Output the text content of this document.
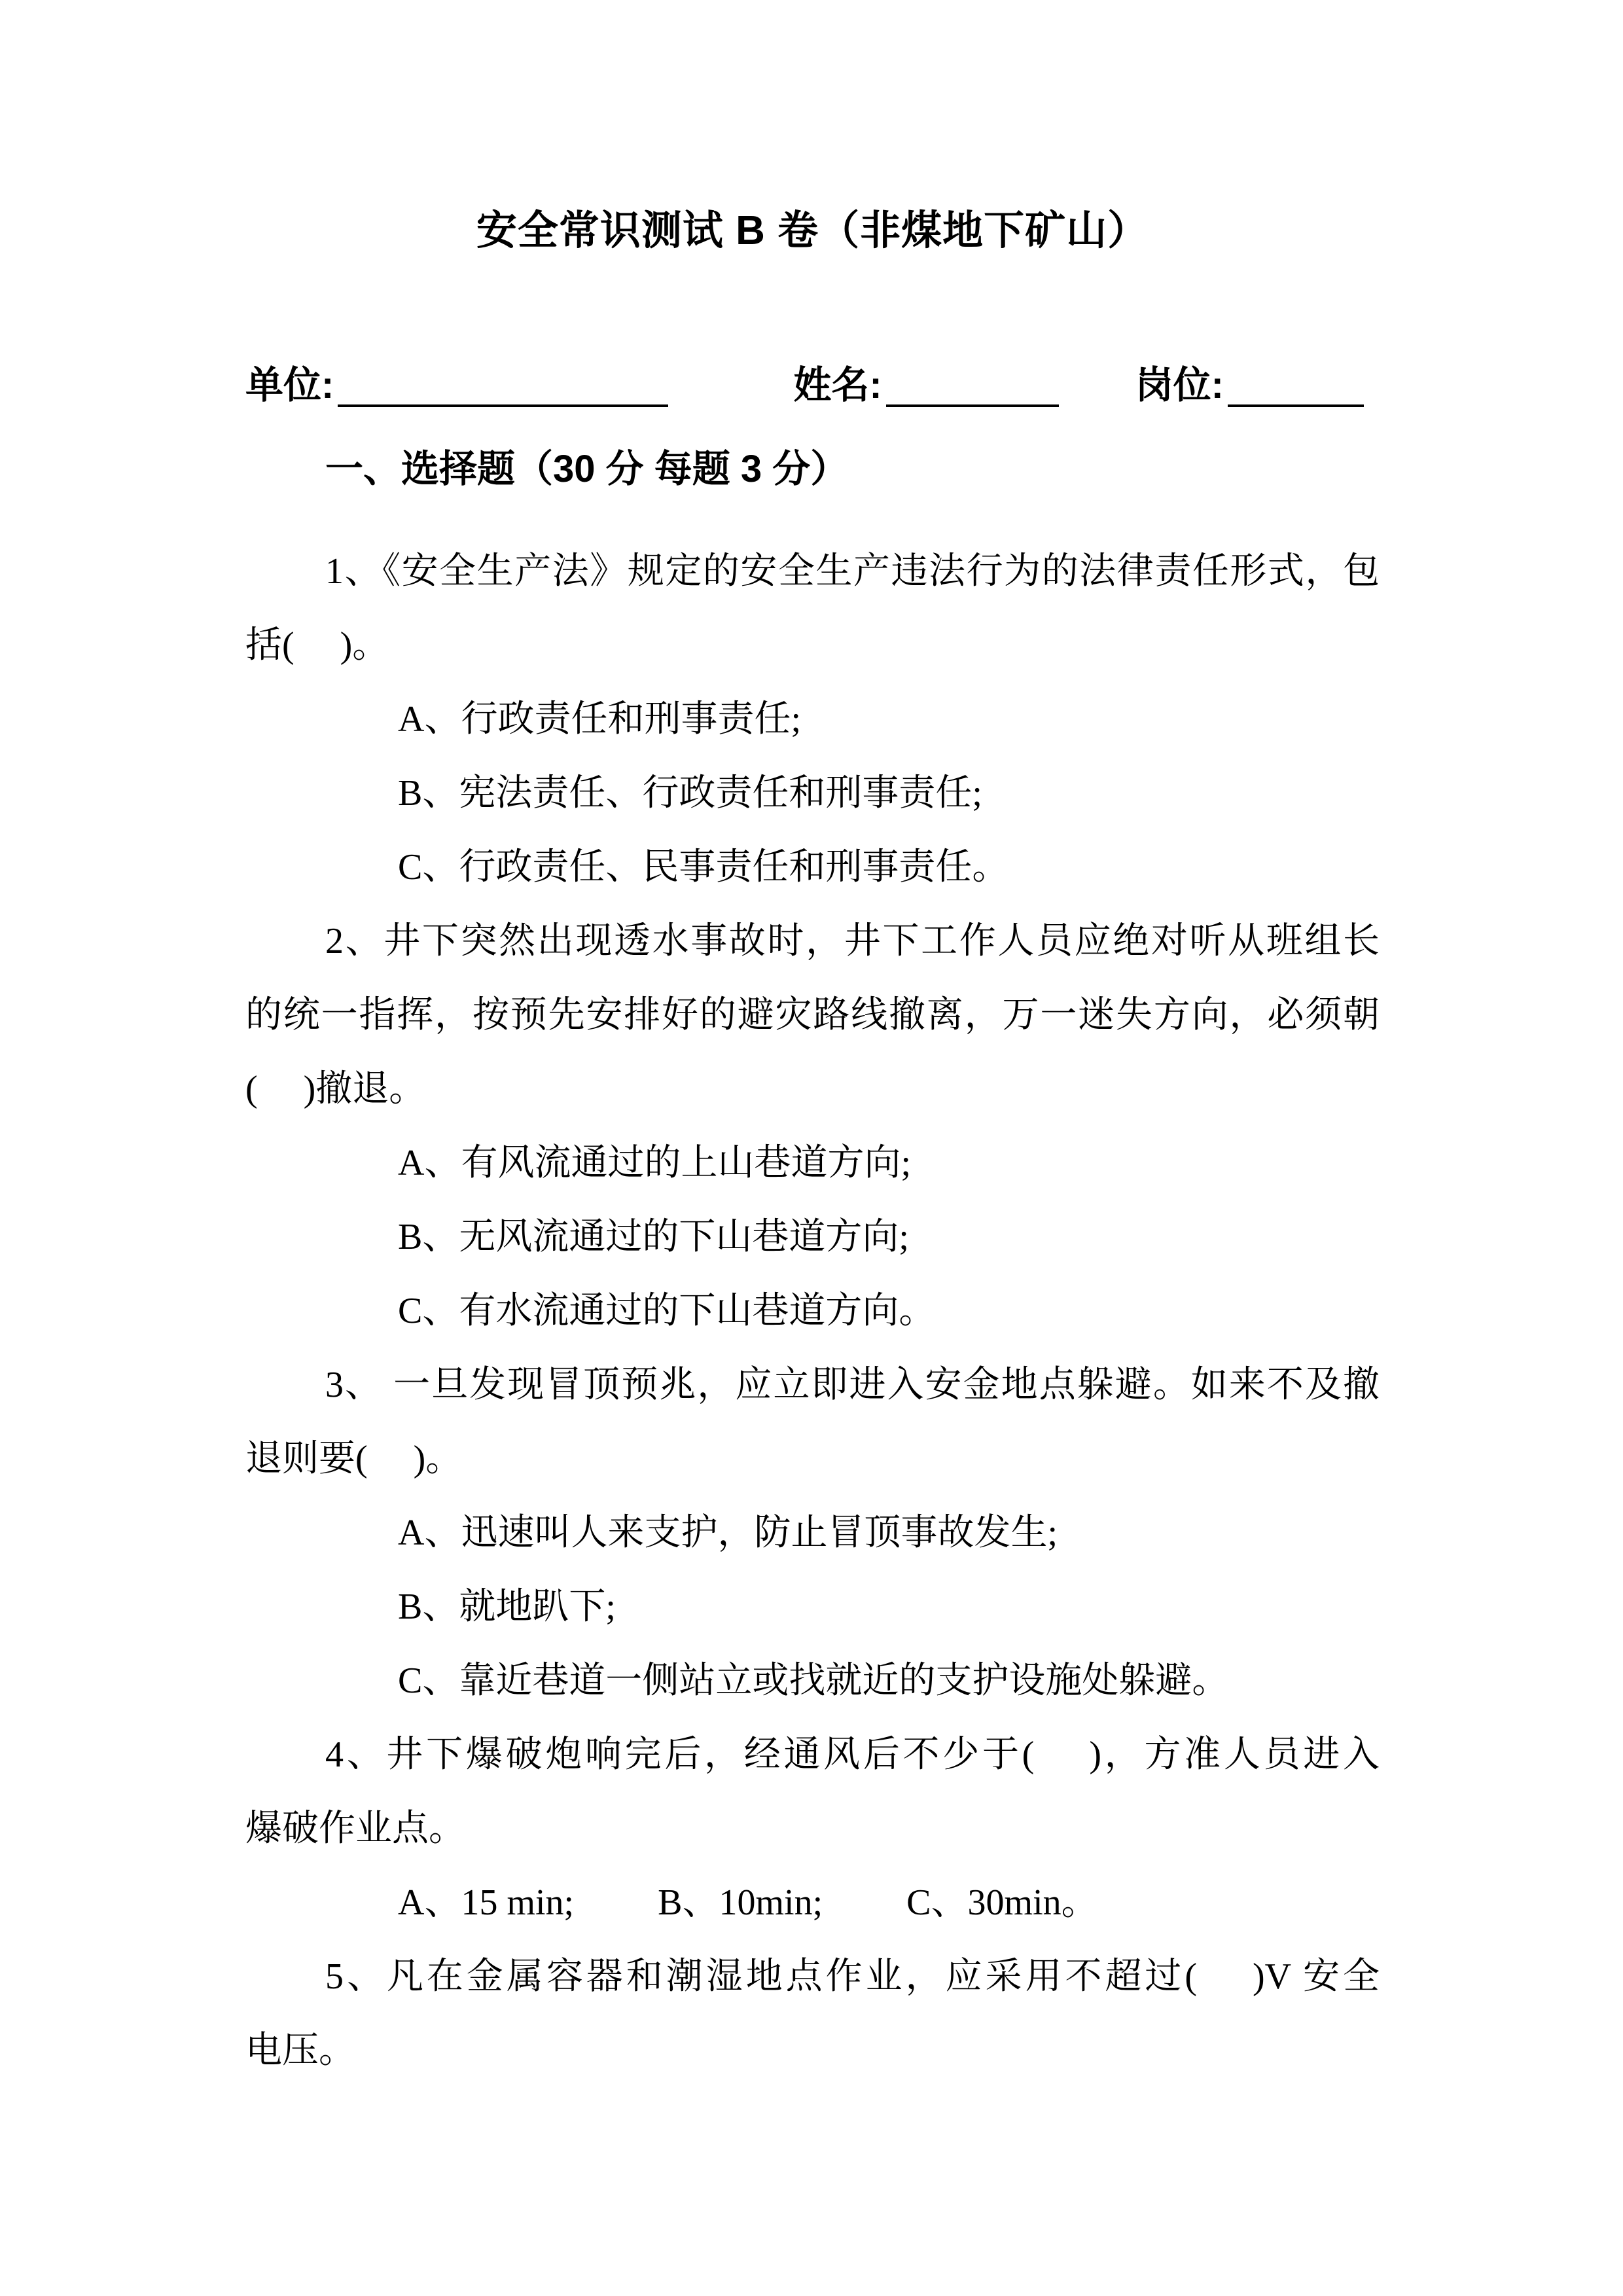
安全常识测试 B 卷（非煤地下矿山）
单位:	姓名:	岗位:
一、选择题（30 分 每题 3 分）
1、《安全生产法》规定的安全生产违法行为的法律责任形式，包
括(　 )。
A、行政责任和刑事责任;
B、宪法责任、行政责任和刑事责任;
C、行政责任、民事责任和刑事责任。
2、井下突然出现透水事故时，井下工作人员应绝对听从班组长
的统一指挥，按预先安排好的避灾路线撤离，万一迷失方向，必须朝
(　 )撤退。
A、有风流通过的上山巷道方向;
B、无风流通过的下山巷道方向;
C、有水流通过的下山巷道方向。
3、 一旦发现冒顶预兆，应立即进入安金地点躲避。如来不及撤
退则要(　 )。
A、迅速叫人来支护，防止冒顶事故发生;
B、就地趴下;
C、靠近巷道一侧站立或找就近的支护设施处躲避。
4、井下爆破炮响完后，经通风后不少于(　 )，方准人员进入
爆破作业点。
A、15 min; B、10min; C、30min。
5、凡在金属容器和潮湿地点作业，应采用不超过(　 )V 安全
电压。
